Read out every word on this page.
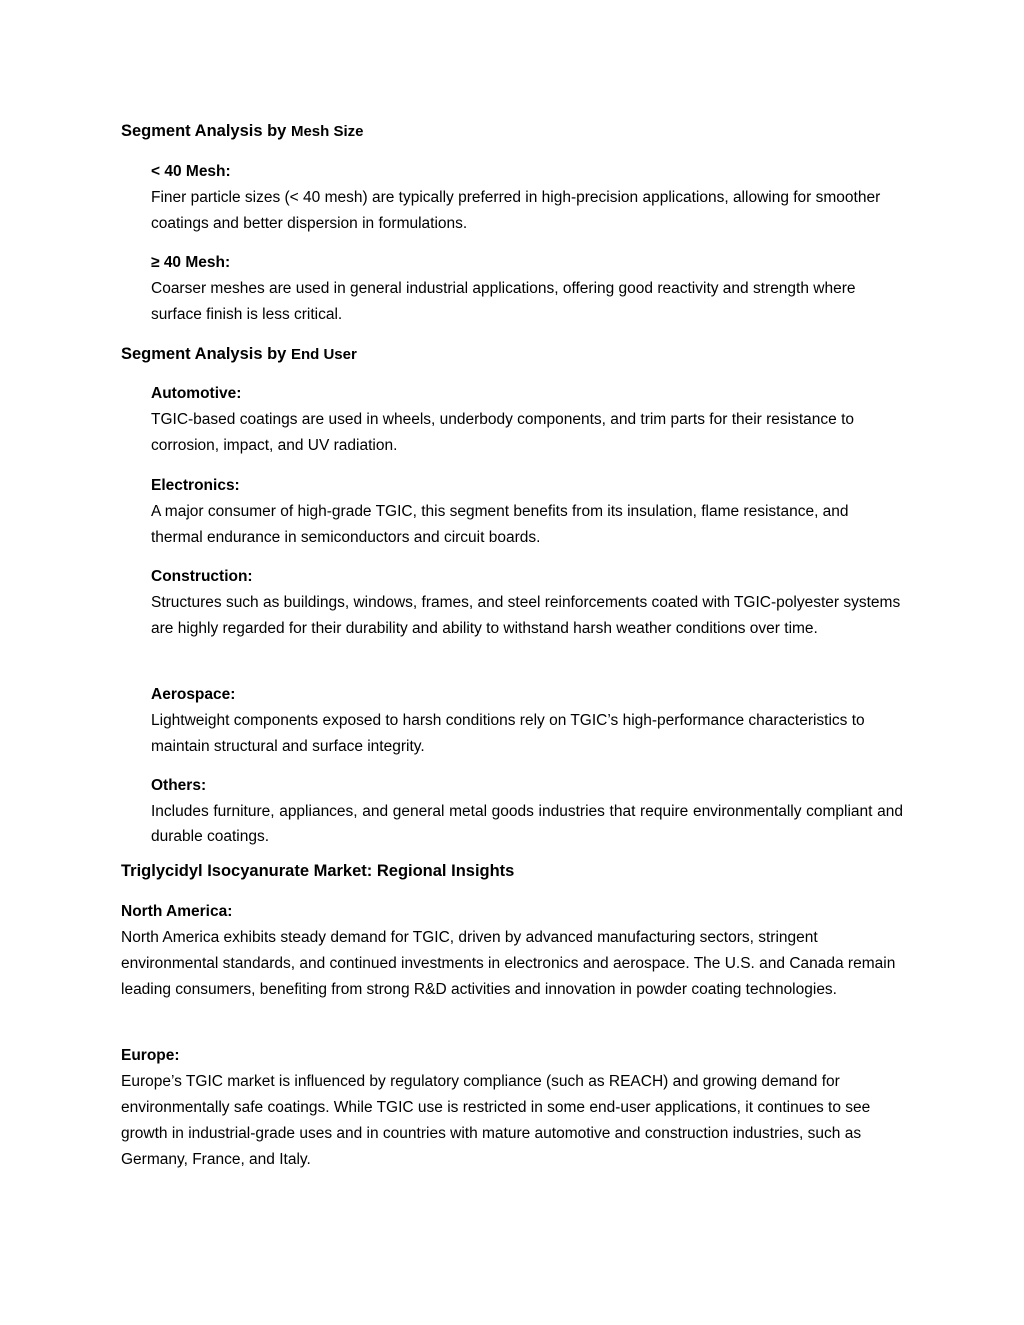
Segment Analysis by Mesh Size
< 40 Mesh:
Finer particle sizes (< 40 mesh) are typically preferred in high-precision applications, allowing for smoother coatings and better dispersion in formulations.
≥ 40 Mesh:
Coarser meshes are used in general industrial applications, offering good reactivity and strength where surface finish is less critical.
Segment Analysis by End User
Automotive:
TGIC-based coatings are used in wheels, underbody components, and trim parts for their resistance to corrosion, impact, and UV radiation.
Electronics:
A major consumer of high-grade TGIC, this segment benefits from its insulation, flame resistance, and thermal endurance in semiconductors and circuit boards.
Construction:
Structures such as buildings, windows, frames, and steel reinforcements coated with TGIC-polyester systems are highly regarded for their durability and ability to withstand harsh weather conditions over time.
Aerospace:
Lightweight components exposed to harsh conditions rely on TGIC’s high-performance characteristics to maintain structural and surface integrity.
Others:
Includes furniture, appliances, and general metal goods industries that require environmentally compliant and durable coatings.
Triglycidyl Isocyanurate Market: Regional Insights
North America:
North America exhibits steady demand for TGIC, driven by advanced manufacturing sectors, stringent environmental standards, and continued investments in electronics and aerospace. The U.S. and Canada remain leading consumers, benefiting from strong R&D activities and innovation in powder coating technologies.
Europe:
Europe’s TGIC market is influenced by regulatory compliance (such as REACH) and growing demand for environmentally safe coatings. While TGIC use is restricted in some end-user applications, it continues to see growth in industrial-grade uses and in countries with mature automotive and construction industries, such as Germany, France, and Italy.
